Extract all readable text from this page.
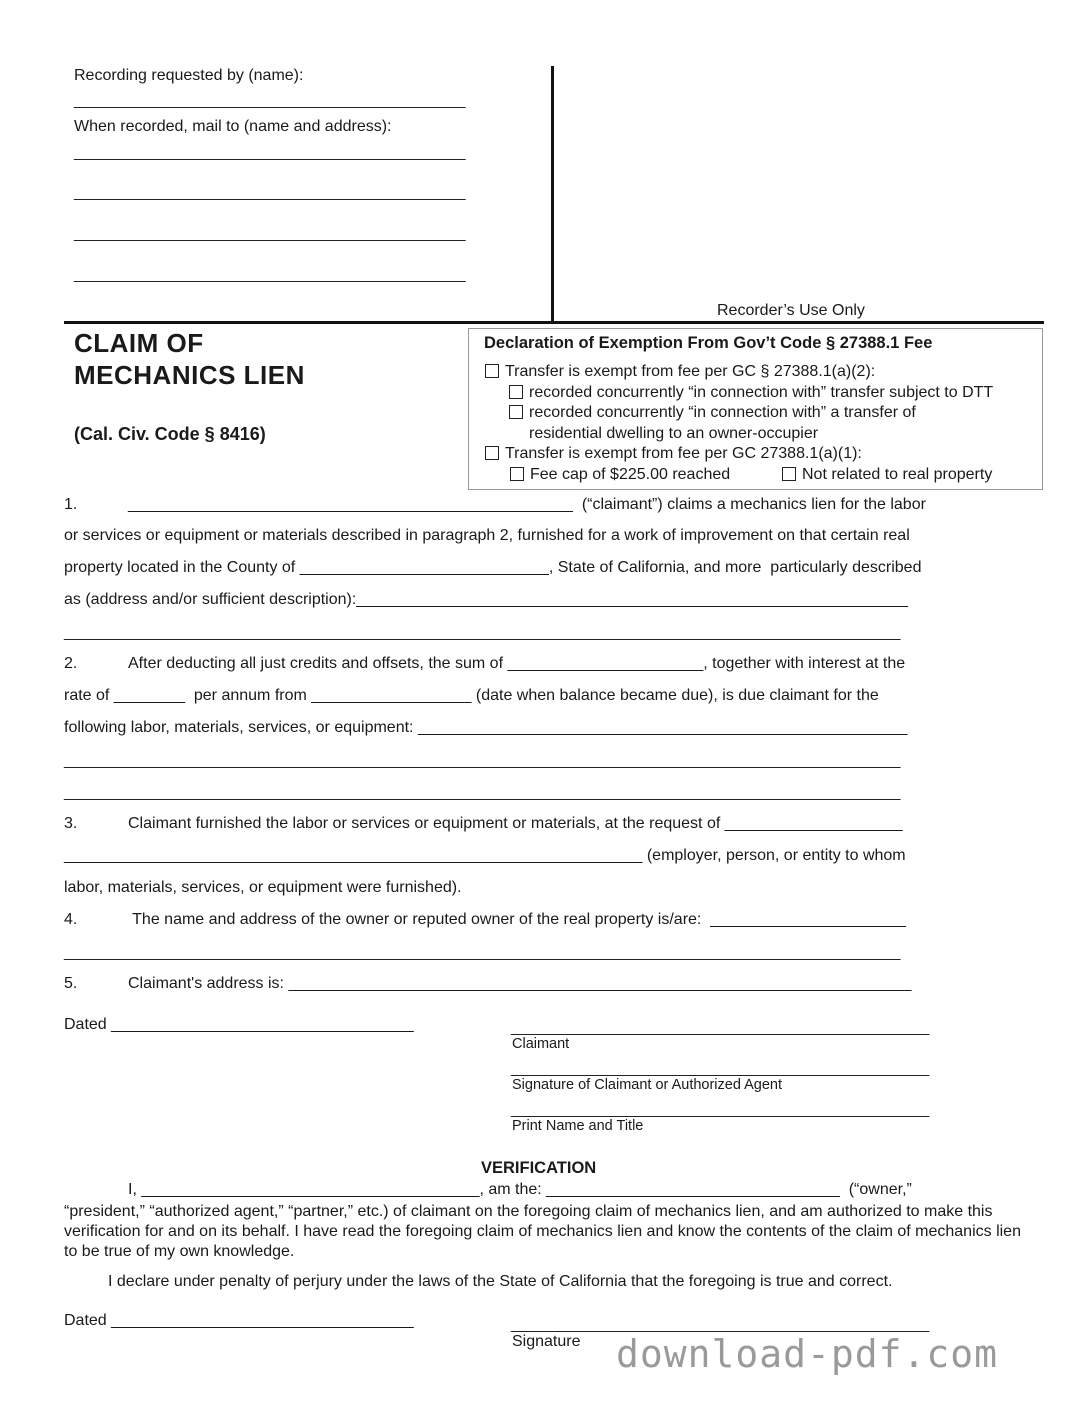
Recording requested by (name):
____________________________________________
When recorded, mail to (name and address):
____________________________________________
____________________________________________
____________________________________________
____________________________________________
Recorder’s Use Only
CLAIM OF
MECHANICS LIEN
(Cal. Civ. Code § 8416)
Declaration of Exemption From Gov’t Code § 27388.1 Fee
Transfer is exempt from fee per GC § 27388.1(a)(2):
recorded concurrently “in connection with” transfer subject to DTT
recorded concurrently “in connection with” a transfer of
residential dwelling to an owner-occupier
Transfer is exempt from fee per GC 27388.1(a)(1):
Fee cap of $225.00 reached	Not related to real property
1.	__________________________________________________  (“claimant”) claims a mechanics lien for the labor
or services or equipment or materials described in paragraph 2, furnished for a work of improvement on that certain real
property located in the County of ____________________________, State of California, and more  particularly described
as (address and/or sufficient description):______________________________________________________________
______________________________________________________________________________________________
2.	After deducting all just credits and offsets, the sum of ______________________, together with interest at the
rate of ________  per annum from __________________ (date when balance became due), is due claimant for the
following labor, materials, services, or equipment: _______________________________________________________
______________________________________________________________________________________________
______________________________________________________________________________________________
3.	Claimant furnished the labor or services or equipment or materials, at the request of ____________________
_________________________________________________________________ (employer, person, or entity to whom
labor, materials, services, or equipment were furnished).
4.	The name and address of the owner or reputed owner of the real property is/are:  ______________________
______________________________________________________________________________________________
5.	Claimant's address is: ______________________________________________________________________
Dated __________________________________	_______________________________________________
Claimant
_______________________________________________
Signature of Claimant or Authorized Agent
_______________________________________________
Print Name and Title
VERIFICATION
I, ______________________________________, am the: _________________________________  (“owner,”
“president,” “authorized agent,” “partner,” etc.) of claimant on the foregoing claim of mechanics lien, and am authorized to make this verification for and on its behalf. I have read the foregoing claim of mechanics lien and know the contents of the claim of mechanics lien to be true of my own knowledge.
I declare under penalty of perjury under the laws of the State of California that the foregoing is true and correct.
Dated __________________________________	_______________________________________________
Signature download-pdf.com
